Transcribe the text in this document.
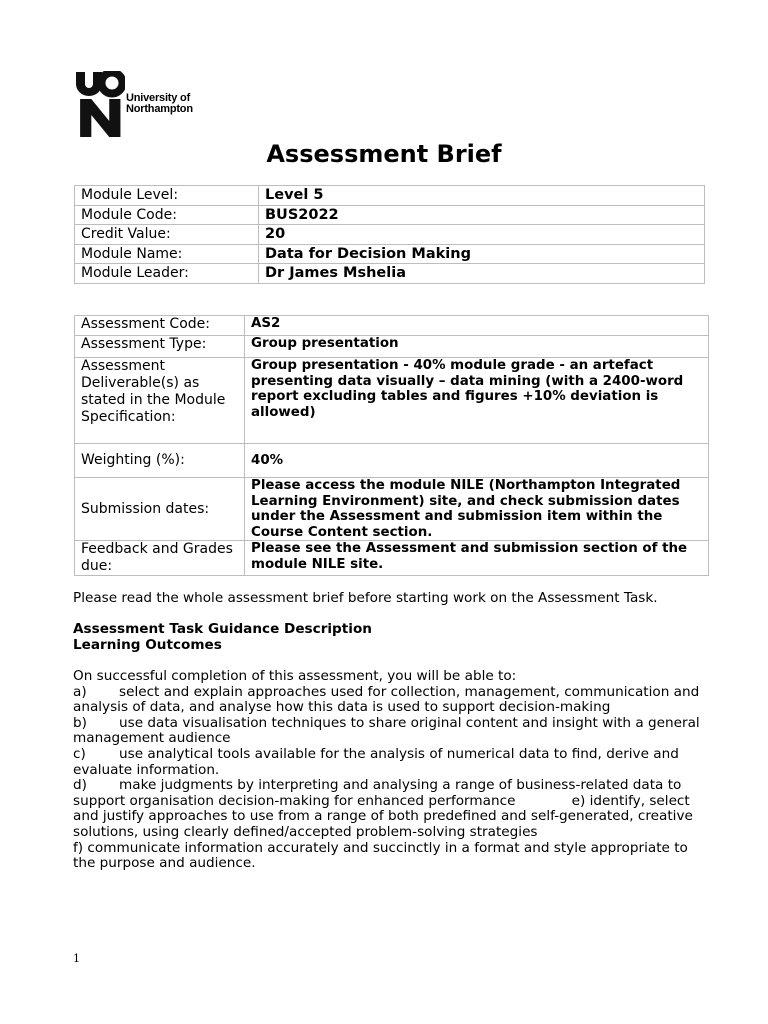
University of
Northampton
Assessment Brief
Module Level:	Level 5
Module Code:	BUS2022
Credit Value:	20
Module Name:	Data for Decision Making
Module Leader:	Dr James Mshelia
Assessment Code:	AS2
Assessment Type:	Group presentation
Assessment Deliverable(s) as stated in the Module Specification:	Group presentation - 40% module grade - an artefact presenting data visually – data mining (with a 2400-word report excluding tables and figures +10% deviation is allowed)
Weighting (%):	40%
Submission dates:	Please access the module NILE (Northampton Integrated Learning Environment) site, and check submission dates under the Assessment and submission item within the Course Content section.
Feedback and Grades due:	Please see the Assessment and submission section of the module NILE site.
Please read the whole assessment brief before starting work on the Assessment Task.
Assessment Task Guidance Description
Learning Outcomes

On successful completion of this assessment, you will be able to:

a) select and explain approaches used for collection, management, communication and analysis of data, and analyse how this data is used to support decision-making

b) use data visualisation techniques to share original content and insight with a general management audience

c) use analytical tools available for the analysis of numerical data to find, derive and evaluate information.

d) make judgments by interpreting and analysing a range of business-related data to support organisation decision-making for enhanced performance	e) identify, select and justify approaches to use from a range of both predefined and self-generated, creative solutions, using clearly defined/accepted problem-solving strategies

f) communicate information accurately and succinctly in a format and style appropriate to the purpose and audience.

1
